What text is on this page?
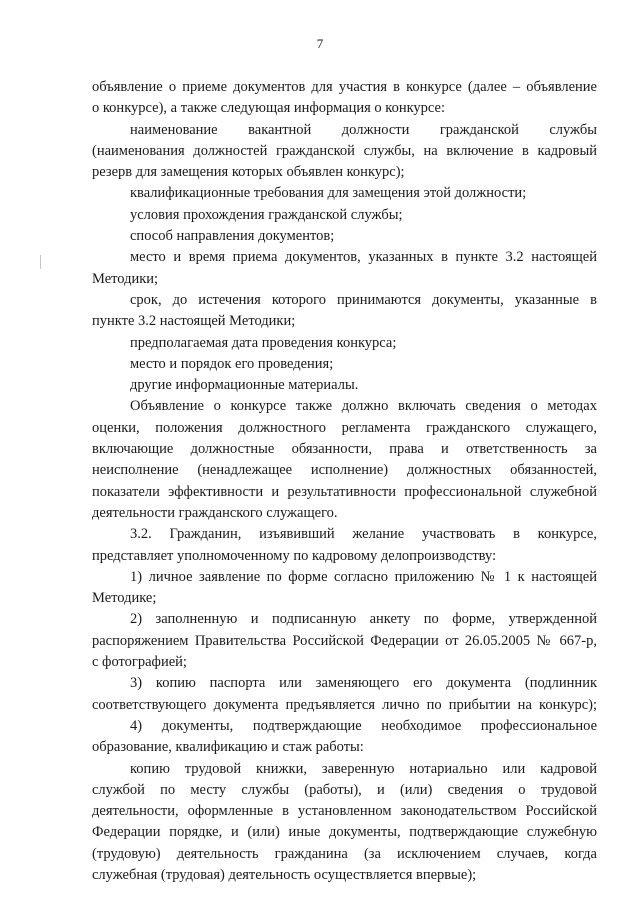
7
объявление о приеме документов для участия в конкурсе (далее – объявление
о конкурсе), а также следующая информация о конкурсе:
наименование вакантной должности гражданской службы
(наименования должностей гражданской службы, на включение в кадровый
резерв для замещения которых объявлен конкурс);
квалификационные требования для замещения этой должности;
условия прохождения гражданской службы;
способ направления документов;
место и время приема документов, указанных в пункте 3.2 настоящей
Методики;
срок, до истечения которого принимаются документы, указанные в
пункте 3.2 настоящей Методики;
предполагаемая дата проведения конкурса;
место и порядок его проведения;
другие информационные материалы.
Объявление о конкурсе также должно включать сведения о методах
оценки, положения должностного регламента гражданского служащего,
включающие должностные обязанности, права и ответственность за
неисполнение (ненадлежащее исполнение) должностных обязанностей,
показатели эффективности и результативности профессиональной служебной
деятельности гражданского служащего.
3.2. Гражданин, изъявивший желание участвовать в конкурсе,
представляет уполномоченному по кадровому делопроизводству:
1) личное заявление по форме согласно приложению № 1 к настоящей
Методике;
2) заполненную и подписанную анкету по форме, утвержденной
распоряжением Правительства Российской Федерации от 26.05.2005 № 667-р,
с фотографией;
3) копию паспорта или заменяющего его документа (подлинник
соответствующего документа предъявляется лично по прибытии на конкурс);
4) документы, подтверждающие необходимое профессиональное
образование, квалификацию и стаж работы:
копию трудовой книжки, заверенную нотариально или кадровой
службой по месту службы (работы), и (или) сведения о трудовой
деятельности, оформленные в установленном законодательством Российской
Федерации порядке, и (или) иные документы, подтверждающие служебную
(трудовую) деятельность гражданина (за исключением случаев, когда
служебная (трудовая) деятельность осуществляется впервые);
